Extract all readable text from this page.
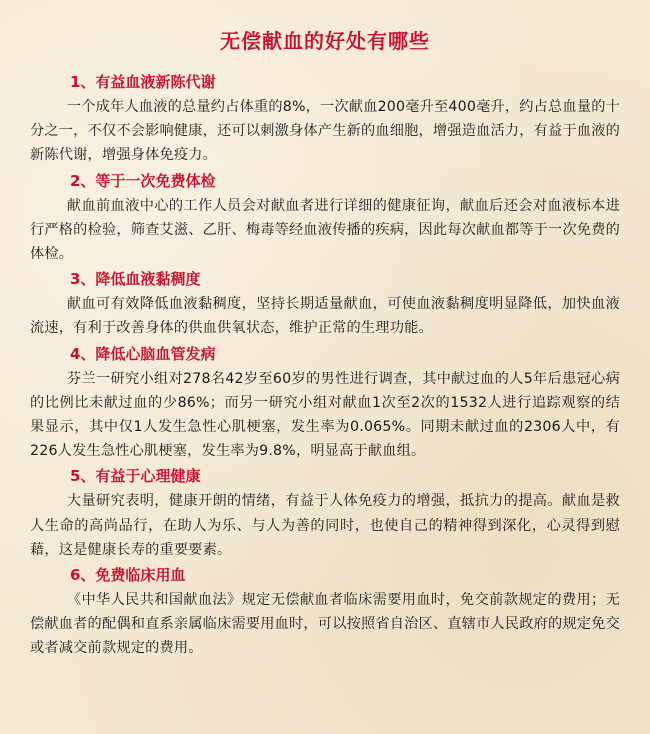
无偿献血的好处有哪些
1、有益血液新陈代谢

一个成年人血液的总量约占体重的8%，一次献血200毫升至400毫升，约占总血量的十分之一，不仅不会影响健康，还可以刺激身体产生新的血细胞，增强造血活力，有益于血液的新陈代谢，增强身体免疫力。

2、等于一次免费体检

献血前血液中心的工作人员会对献血者进行详细的健康征询，献血后还会对血液标本进行严格的检验，筛查艾滋、乙肝、梅毒等经血液传播的疾病，因此每次献血都等于一次免费的体检。

3、降低血液黏稠度

献血可有效降低血液黏稠度，坚持长期适量献血，可使血液黏稠度明显降低，加快血液流速，有利于改善身体的供血供氧状态，维护正常的生理功能。

4、降低心脑血管发病

芬兰一研究小组对278名42岁至60岁的男性进行调查，其中献过血的人5年后患冠心病的比例比未献过血的少86%；而另一研究小组对献血1次至2次的1532人进行追踪观察的结果显示，其中仅1人发生急性心肌梗塞，发生率为0.065%。同期未献过血的2306人中，有226人发生急性心肌梗塞，发生率为9.8%，明显高于献血组。

5、有益于心理健康

大量研究表明，健康开朗的情绪，有益于人体免疫力的增强，抵抗力的提高。献血是救人生命的高尚品行，在助人为乐、与人为善的同时，也使自己的精神得到深化，心灵得到慰藉，这是健康长寿的重要要素。

6、免费临床用血

《中华人民共和国献血法》规定无偿献血者临床需要用血时，免交前款规定的费用；无偿献血者的配偶和直系亲属临床需要用血时，可以按照省自治区、直辖市人民政府的规定免交或者减交前款规定的费用。
